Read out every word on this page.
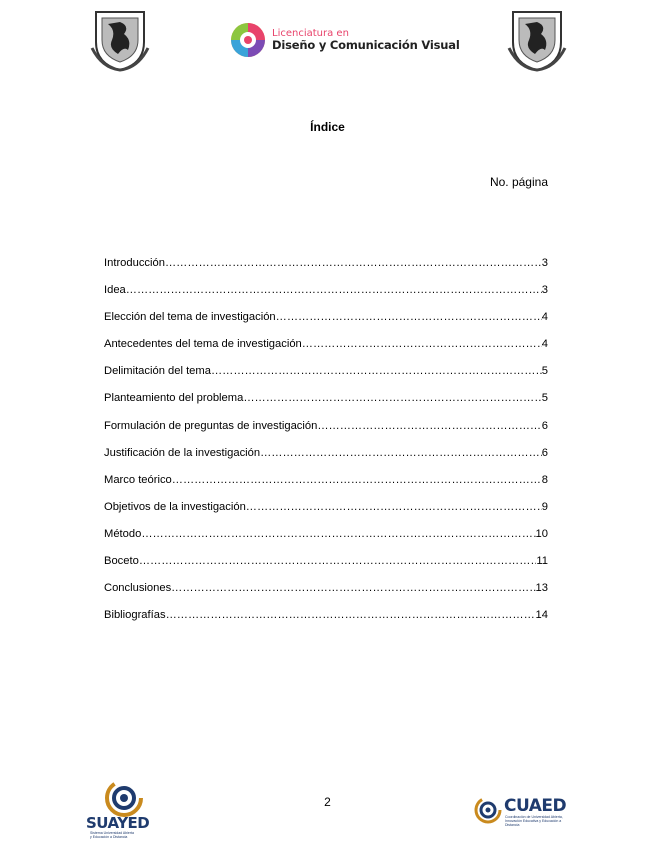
Licenciatura en
Diseño y Comunicación Visual
Índice
No. página
Introducción ………………………………………………………………………………………………………………………………………………………………………………………………………………………………………………	3
Idea ………………………………………………………………………………………………………………………………………………………………………………………………………………………………………………	3
Elección del tema de investigación ………………………………………………………………………………………………………………………………………………………………………………………………………………………………………………	4
Antecedentes del tema de investigación ………………………………………………………………………………………………………………………………………………………………………………………………………………………………………………	4
Delimitación del tema ………………………………………………………………………………………………………………………………………………………………………………………………………………………………………………	5
Planteamiento del problema ………………………………………………………………………………………………………………………………………………………………………………………………………………………………………………	5
Formulación de preguntas de investigación ………………………………………………………………………………………………………………………………………………………………………………………………………………………………………………	6
Justificación de la investigación ………………………………………………………………………………………………………………………………………………………………………………………………………………………………………………	6
Marco teórico ………………………………………………………………………………………………………………………………………………………………………………………………………………………………………………	8
Objetivos de la investigación ………………………………………………………………………………………………………………………………………………………………………………………………………………………………………………	9
Método ………………………………………………………………………………………………………………………………………………………………………………………………………………………………………………	10
Boceto ………………………………………………………………………………………………………………………………………………………………………………………………………………………………………………	11
Conclusiones ………………………………………………………………………………………………………………………………………………………………………………………………………………………………………………	13
Bibliografías ………………………………………………………………………………………………………………………………………………………………………………………………………………………………………………	14
SUAYED
Sistema Universidad Abierta
y Educación a Distancia
2	CUAED
Coordinación de Universidad Abierta,
Innovación Educativa y Educación a Distancia
